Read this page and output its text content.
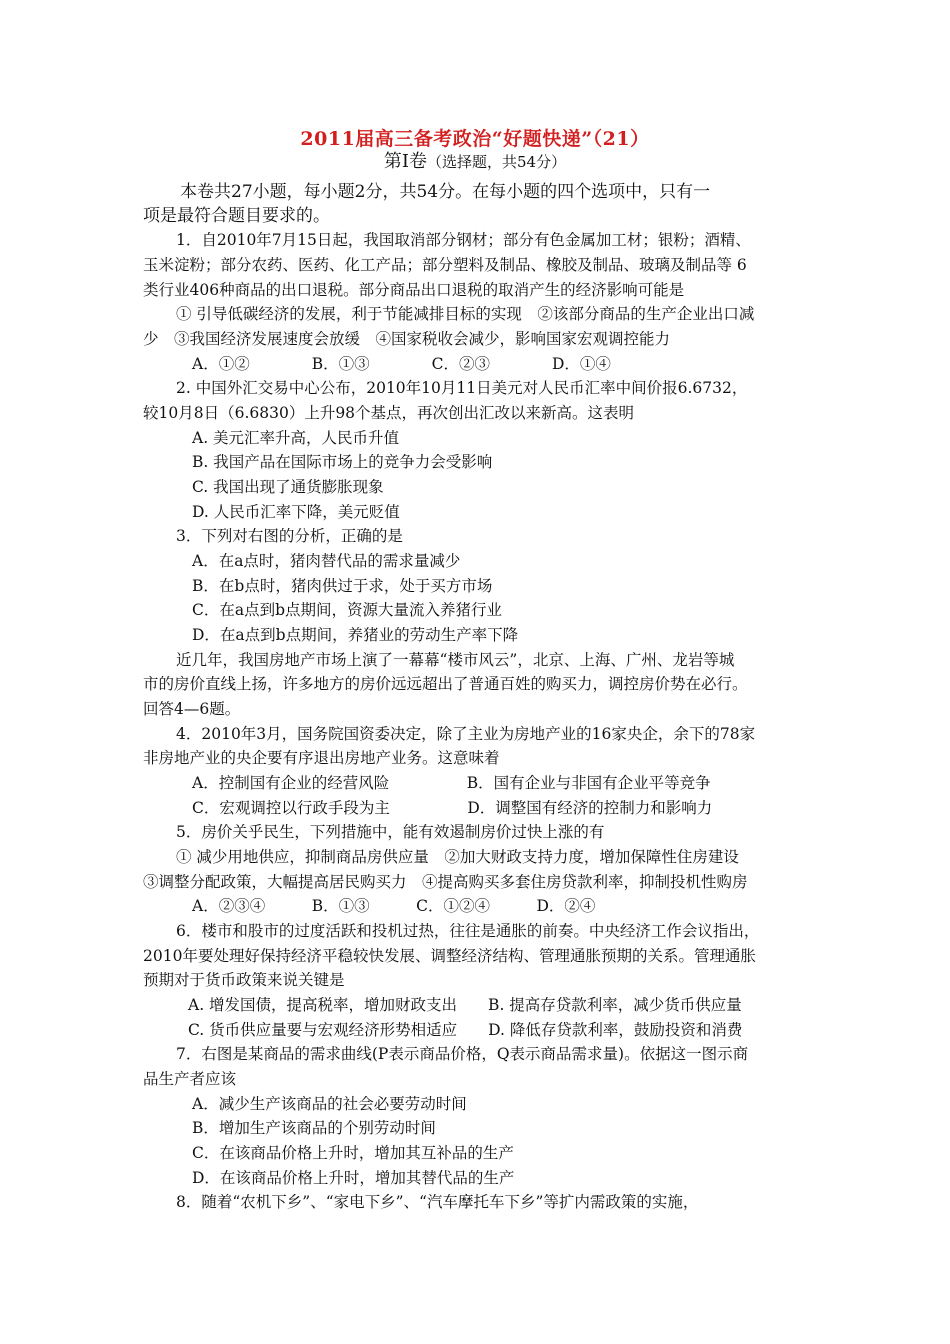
2011届高三备考政治“好题快递”（21）
第Ⅰ卷（选择题，共54分）
本卷共27小题，每小题2分，共54分。在每小题的四个选项中，只有一
项是最符合题目要求的。
1．自2010年7月15日起，我国取消部分钢材；部分有色金属加工材；银粉；酒精、
玉米淀粉；部分农药、医药、化工产品；部分塑料及制品、橡胶及制品、玻璃及制品等 6
类行业406种商品的出口退税。部分商品出口退税的取消产生的经济影响可能是
① 引导低碳经济的发展，利于节能减排目标的实现　②该部分商品的生产企业出口减
少　③我国经济发展速度会放缓　④国家税收会减少，影响国家宏观调控能力
A．①②　　　　B．①③　　　　C．②③　　　　D．①④
2. 中国外汇交易中心公布，2010年10月11日美元对人民币汇率中间价报6.6732，
较10月8日（6.6830）上升98个基点，再次创出汇改以来新高。这表明
A. 美元汇率升高，人民币升值
B. 我国产品在国际市场上的竞争力会受影响
C. 我国出现了通货膨胀现象
D. 人民币汇率下降，美元贬值
3．下列对右图的分析，正确的是
A．在a点时，猪肉替代品的需求量减少
B．在b点时，猪肉供过于求，处于买方市场
C．在a点到b点期间，资源大量流入养猪行业
D．在a点到b点期间，养猪业的劳动生产率下降
近几年，我国房地产市场上演了一幕幕“楼市风云”，北京、上海、广州、龙岩等城
市的房价直线上扬，许多地方的房价远远超出了普通百姓的购买力，调控房价势在必行。
回答4—6题。
4．2010年3月，国务院国资委决定，除了主业为房地产业的16家央企，余下的78家
非房地产业的央企要有序退出房地产业务。这意味着
A．控制国有企业的经营风险　　　　　B．国有企业与非国有企业平等竞争
C．宏观调控以行政手段为主　　　　　D．调整国有经济的控制力和影响力
5．房价关乎民生，下列措施中，能有效遏制房价过快上涨的有
① 减少用地供应，抑制商品房供应量　②加大财政支持力度，增加保障性住房建设
③调整分配政策，大幅提高居民购买力　④提高购买多套住房贷款利率，抑制投机性购房
A．②③④　　　B．①③　　　C．①②④　　　D．②④
6．楼市和股市的过度活跃和投机过热，往往是通胀的前奏。中央经济工作会议指出，
2010年要处理好保持经济平稳较快发展、调整经济结构、管理通胀预期的关系。管理通胀
预期对于货币政策来说关键是
A. 增发国债，提高税率，增加财政支出　　B. 提高存贷款利率，减少货币供应量
C. 货币供应量要与宏观经济形势相适应　　D. 降低存贷款利率，鼓励投资和消费
7．右图是某商品的需求曲线(P表示商品价格，Q表示商品需求量)。依据这一图示商
品生产者应该
A．减少生产该商品的社会必要劳动时间
B．增加生产该商品的个别劳动时间
C．在该商品价格上升时，增加其互补品的生产
D．在该商品价格上升时，增加其替代品的生产
8．随着“农机下乡”、“家电下乡”、“汽车摩托车下乡”等扩内需政策的实施，
